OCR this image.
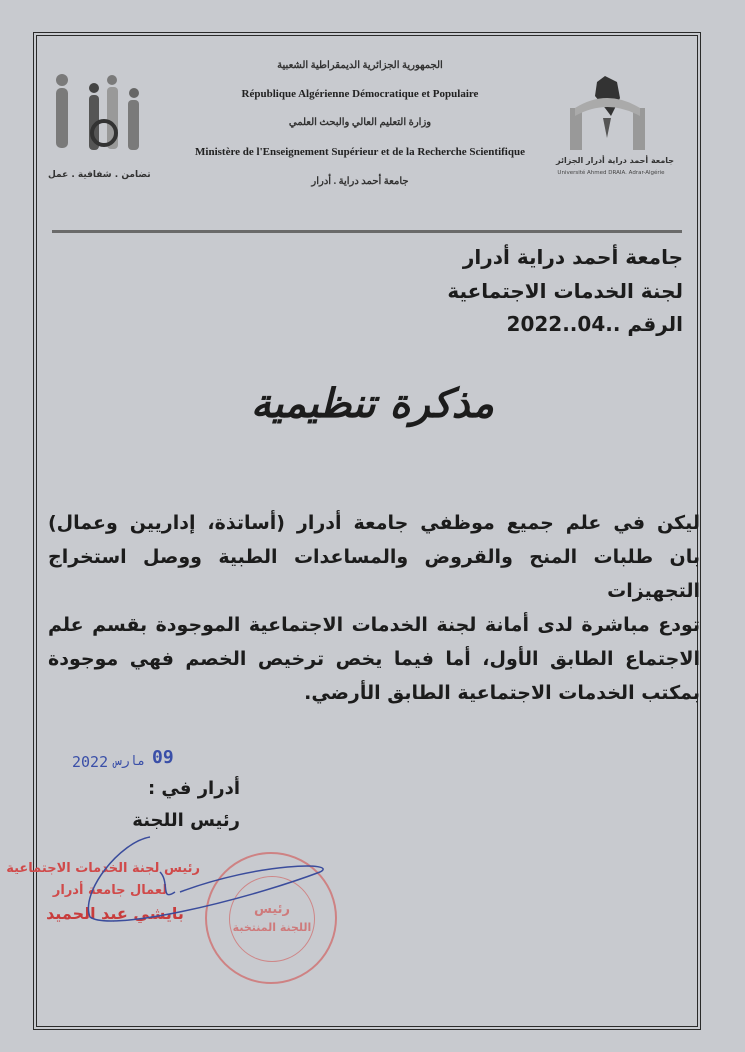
تضامن . شفافية . عمل
الجمهورية الجزائرية الديمقراطية الشعبية
République Algérienne Démocratique et Populaire
وزارة التعليم العالي والبحث العلمي
Ministère de l'Enseignement Supérieur et de la Recherche Scientifique
جامعة أحمد دراية . أدرار
جامعة أحمد دراية أدرار الجزائر
Université Ahmed DRAIA. Adrar-Algérie
جامعة أحمد دراية أدرار
لجنة الخدمات الاجتماعية
الرقم ..04..2022
مذكرة تنظيمية
ليكن في علم جميع موظفي جامعة أدرار (أساتذة، إداريين وعمال)
بان طلبات المنح والقروض والمساعدات الطبية ووصل استخراج التجهيزات
تودع مباشرة لدى أمانة لجنة الخدمات الاجتماعية الموجودة بقسم علم
الاجتماع الطابق الأول، أما فيما يخص ترخيص الخصم فهي موجودة
بمكتب الخدمات الاجتماعية الطابق الأرضي.
2022 مارس 09
أدرار في :
رئيس اللجنة
رئيس
اللجنة المنتخبة
رئيس لجنة الخدمات الاجتماعية
لعمال جامعة أدرار
بايشي عبد الحميد
